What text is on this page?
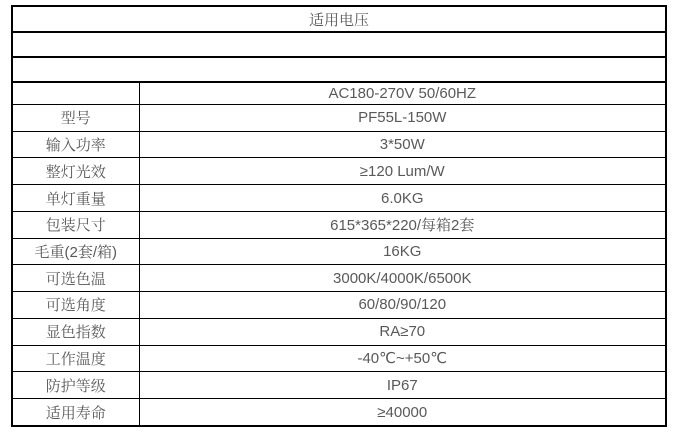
适用电压	

	AC180-270V 50/60HZ
型号	PF55L-150W
输入功率	3*50W
整灯光效	≥120 Lum/W
单灯重量	6.0KG
包装尺寸	615*365*220/每箱2套
毛重(2套/箱)	16KG
可选色温	3000K/4000K/6500K
可选角度	60/80/90/120
显色指数	RA≥70
工作温度	-40℃~+50℃
防护等级	IP67
适用寿命	≥40000
